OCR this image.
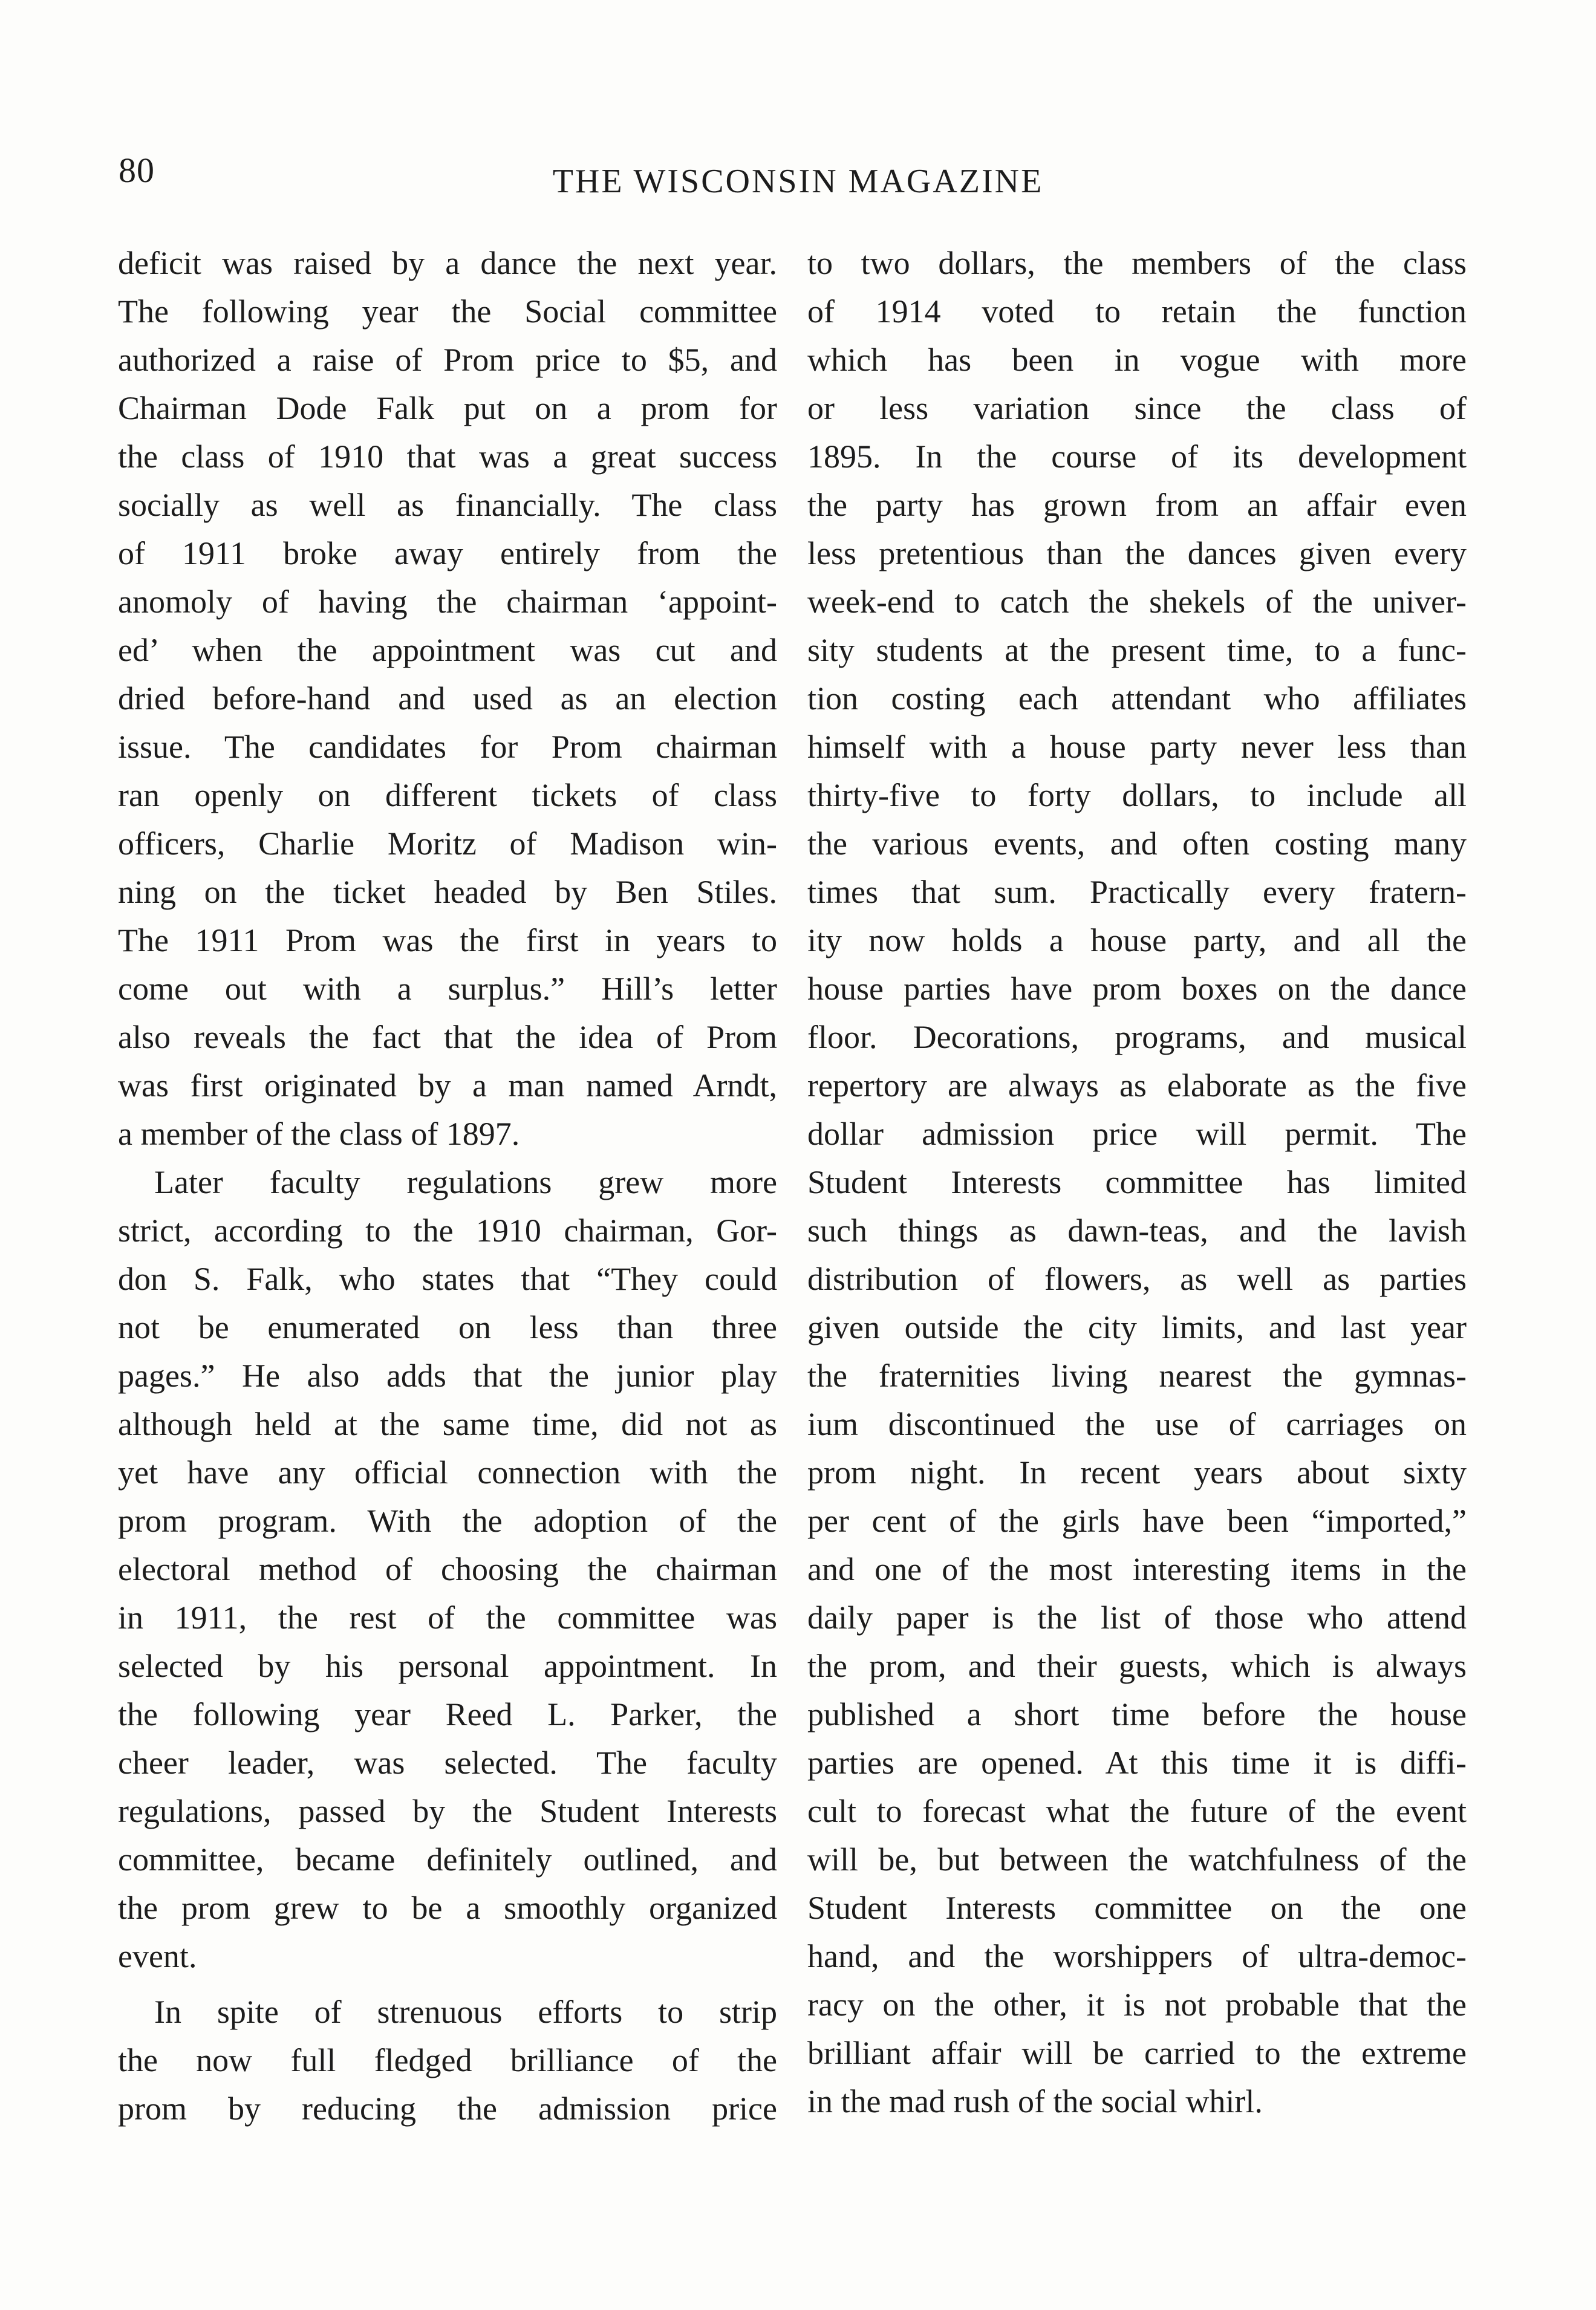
80	THE WISCONSIN MAGAZINE
deficit was raised by a dance the next year.
The following year the Social committee
authorized a raise of Prom price to $5, and
Chairman Dode Falk put on a prom for
the class of 1910 that was a great success
socially as well as financially. The class
of 1911 broke away entirely from the
anomoly of having the chairman ‘appoint-
ed’ when the appointment was cut and
dried before-hand and used as an election
issue. The candidates for Prom chairman
ran openly on different tickets of class
officers, Charlie Moritz of Madison win-
ning on the ticket headed by Ben Stiles.
The 1911 Prom was the first in years to
come out with a surplus.” Hill’s letter
also reveals the fact that the idea of Prom
was first originated by a man named Arndt,
a member of the class of 1897.
Later faculty regulations grew more
strict, according to the 1910 chairman, Gor-
don S. Falk, who states that “They could
not be enumerated on less than three
pages.” He also adds that the junior play
although held at the same time, did not as
yet have any official connection with the
prom program. With the adoption of the
electoral method of choosing the chairman
in 1911, the rest of the committee was
selected by his personal appointment. In
the following year Reed L. Parker, the
cheer leader, was selected. The faculty
regulations, passed by the Student Interests
committee, became definitely outlined, and
the prom grew to be a smoothly organized
event.
In spite of strenuous efforts to strip
the now full fledged brilliance of the
prom by reducing the admission price
to two dollars, the members of the class
of 1914 voted to retain the function
which has been in vogue with more
or less variation since the class of
1895. In the course of its development
the party has grown from an affair even
less pretentious than the dances given every
week-end to catch the shekels of the univer-
sity students at the present time, to a func-
tion costing each attendant who affiliates
himself with a house party never less than
thirty-five to forty dollars, to include all
the various events, and often costing many
times that sum. Practically every fratern-
ity now holds a house party, and all the
house parties have prom boxes on the dance
floor. Decorations, programs, and musical
repertory are always as elaborate as the five
dollar admission price will permit. The
Student Interests committee has limited
such things as dawn-teas, and the lavish
distribution of flowers, as well as parties
given outside the city limits, and last year
the fraternities living nearest the gymnas-
ium discontinued the use of carriages on
prom night. In recent years about sixty
per cent of the girls have been “imported,”
and one of the most interesting items in the
daily paper is the list of those who attend
the prom, and their guests, which is always
published a short time before the house
parties are opened. At this time it is diffi-
cult to forecast what the future of the event
will be, but between the watchfulness of the
Student Interests committee on the one
hand, and the worshippers of ultra-democ-
racy on the other, it is not probable that the
brilliant affair will be carried to the extreme
in the mad rush of the social whirl.
